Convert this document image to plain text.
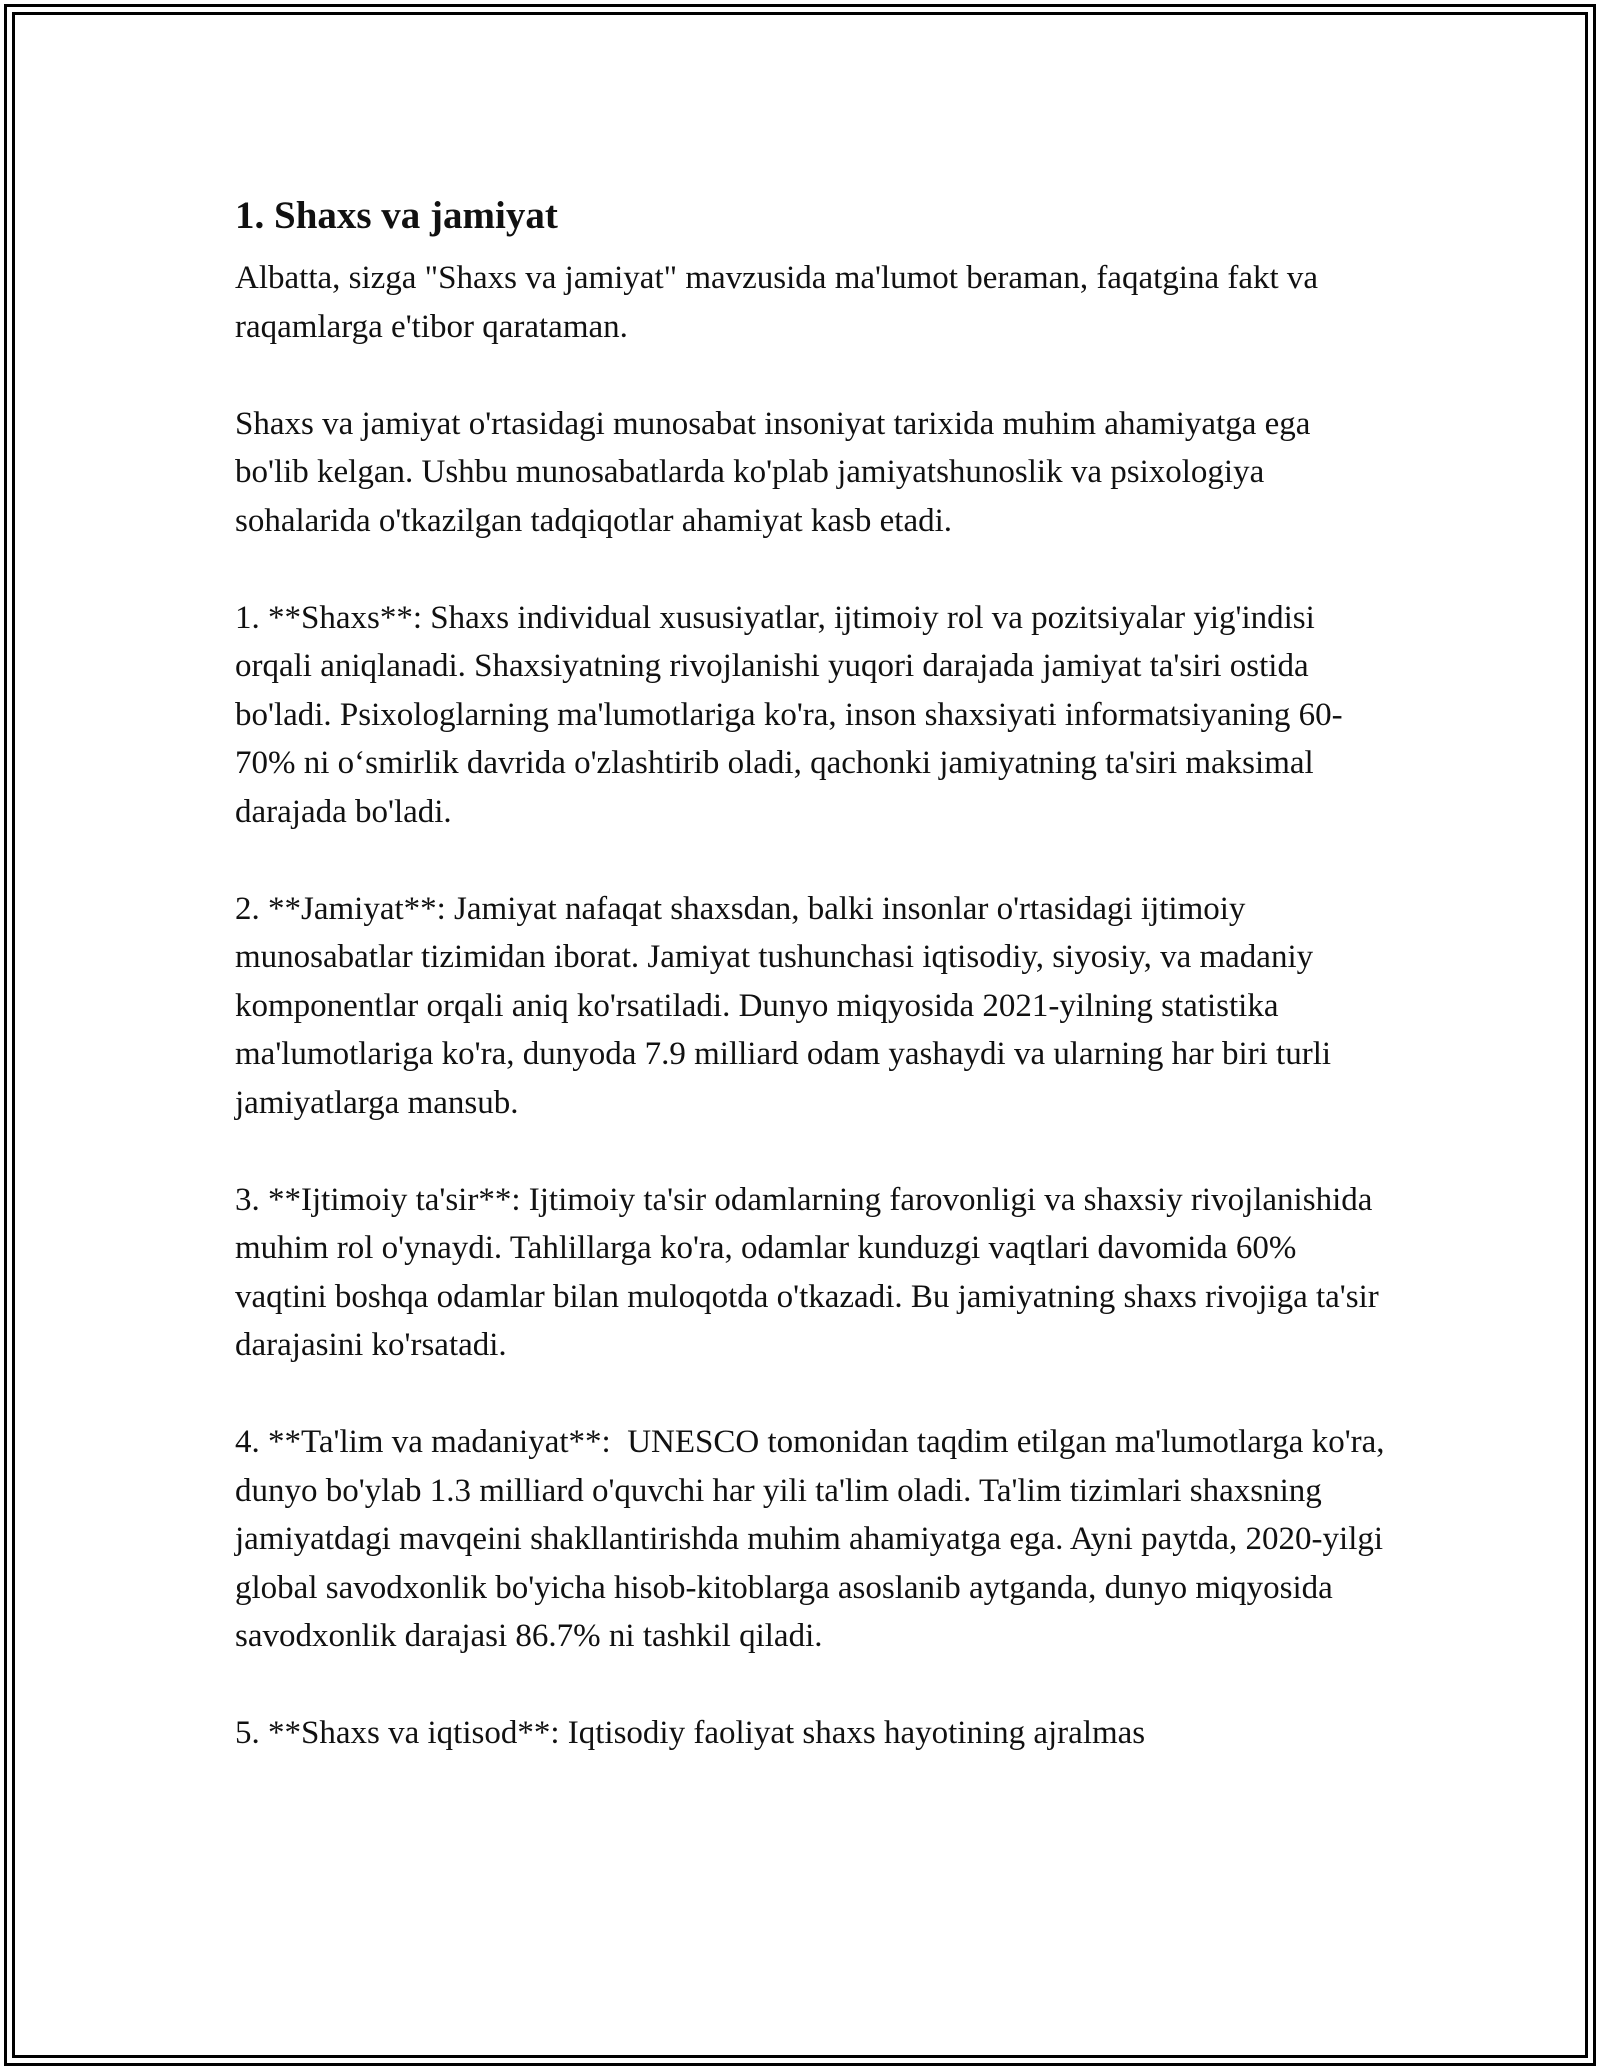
1. Shaxs va jamiyat

Albatta, sizga "Shaxs va jamiyat" mavzusida ma'lumot beraman, faqatgina fakt va raqamlarga e'tibor qarataman.

Shaxs va jamiyat o'rtasidagi munosabat insoniyat tarixida muhim ahamiyatga ega bo'lib kelgan. Ushbu munosabatlarda ko'plab jamiyatshunoslik va psixologiya sohalarida o'tkazilgan tadqiqotlar ahamiyat kasb etadi.

1. **Shaxs**: Shaxs individual xususiyatlar, ijtimoiy rol va pozitsiyalar yig'indisi orqali aniqlanadi. Shaxsiyatning rivojlanishi yuqori darajada jamiyat ta'siri ostida bo'ladi. Psixologlarning ma'lumotlariga ko'ra, inson shaxsiyati informatsiyaning 60-70% ni o‘smirlik davrida o'zlashtirib oladi, qachonki jamiyatning ta'siri maksimal darajada bo'ladi.

2. **Jamiyat**: Jamiyat nafaqat shaxsdan, balki insonlar o'rtasidagi ijtimoiy munosabatlar tizimidan iborat. Jamiyat tushunchasi iqtisodiy, siyosiy, va madaniy komponentlar orqali aniq ko'rsatiladi. Dunyo miqyosida 2021-yilning statistika ma'lumotlariga ko'ra, dunyoda 7.9 milliard odam yashaydi va ularning har biri turli jamiyatlarga mansub.

3. **Ijtimoiy ta'sir**: Ijtimoiy ta'sir odamlarning farovonligi va shaxsiy rivojlanishida muhim rol o'ynaydi. Tahlillarga ko'ra, odamlar kunduzgi vaqtlari davomida 60% vaqtini boshqa odamlar bilan muloqotda o'tkazadi. Bu jamiyatning shaxs rivojiga ta'sir darajasini ko'rsatadi.

4. **Ta'lim va madaniyat**:  UNESCO tomonidan taqdim etilgan ma'lumotlarga ko'ra, dunyo bo'ylab 1.3 milliard o'quvchi har yili ta'lim oladi. Ta'lim tizimlari shaxsning jamiyatdagi mavqeini shakllantirishda muhim ahamiyatga ega. Ayni paytda, 2020-yilgi global savodxonlik bo'yicha hisob-kitoblarga asoslanib aytganda, dunyo miqyosida savodxonlik darajasi 86.7% ni tashkil qiladi.

5. **Shaxs va iqtisod**: Iqtisodiy faoliyat shaxs hayotining ajralmas
